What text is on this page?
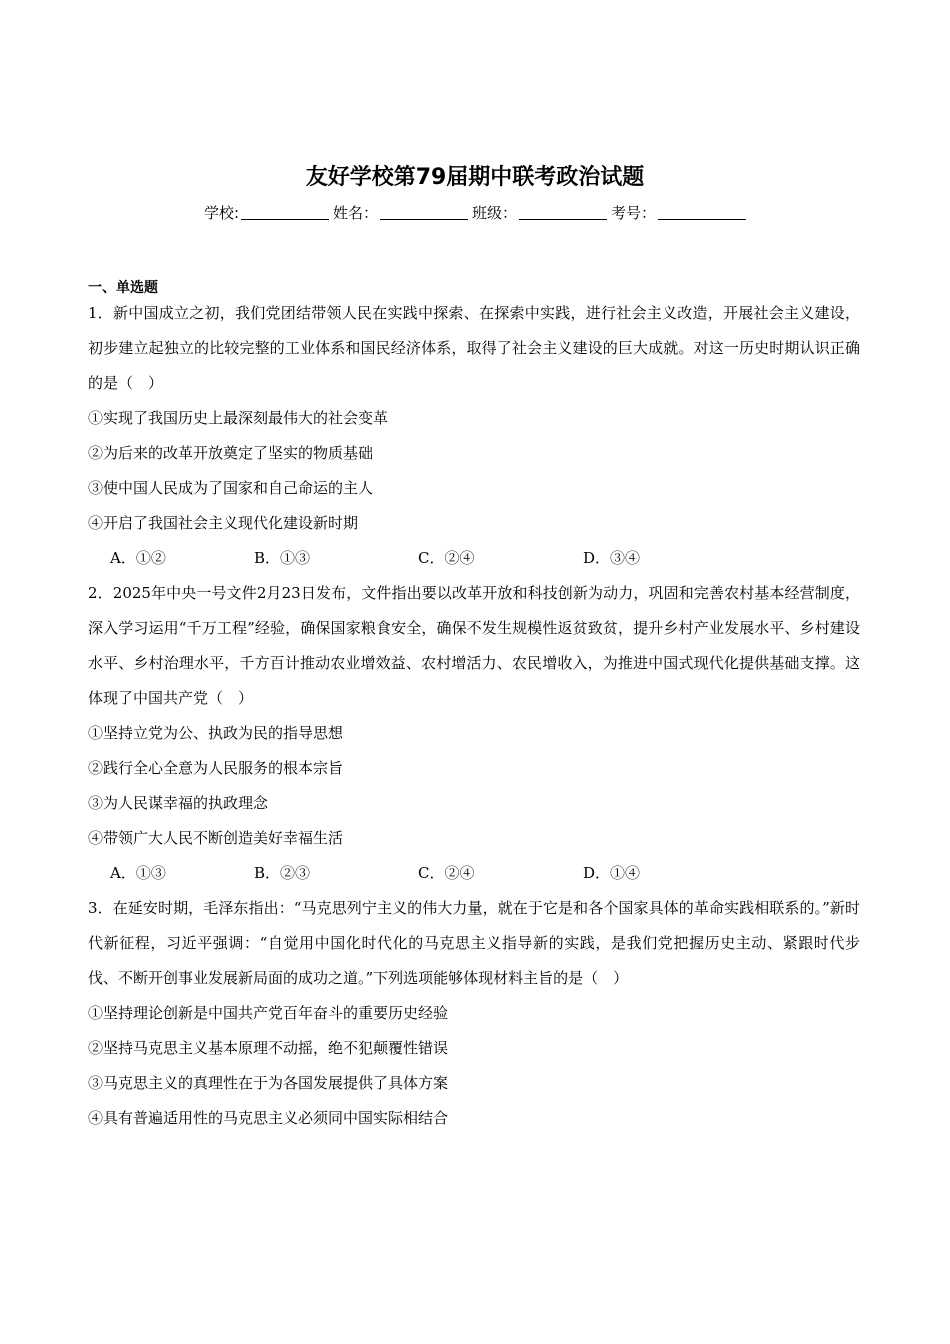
友好学校第79届期中联考政治试题
学校:	姓名：	班级：	考号：
一、单选题

1．新中国成立之初，我们党团结带领人民在实践中探索、在探索中实践，进行社会主义改造，开展社会主义建设，初步建立起独立的比较完整的工业体系和国民经济体系，取得了社会主义建设的巨大成就。对这一历史时期认识正确的是（　）

①实现了我国历史上最深刻最伟大的社会变革

②为后来的改革开放奠定了坚实的物质基础

③使中国人民成为了国家和自己命运的主人

④开启了我国社会主义现代化建设新时期

A．①②	B．①③	C．②④	D．③④

2．2025年中央一号文件2月23日发布，文件指出要以改革开放和科技创新为动力，巩固和完善农村基本经营制度，深入学习运用“千万工程”经验，确保国家粮食安全，确保不发生规模性返贫致贫，提升乡村产业发展水平、乡村建设水平、乡村治理水平，千方百计推动农业增效益、农村增活力、农民增收入，为推进中国式现代化提供基础支撑。这体现了中国共产党（　）

①坚持立党为公、执政为民的指导思想

②践行全心全意为人民服务的根本宗旨

③为人民谋幸福的执政理念

④带领广大人民不断创造美好幸福生活

A．①③	B．②③	C．②④	D．①④

3．在延安时期，毛泽东指出：“马克思列宁主义的伟大力量，就在于它是和各个国家具体的革命实践相联系的。”新时代新征程，习近平强调：“自觉用中国化时代化的马克思主义指导新的实践，是我们党把握历史主动、紧跟时代步伐、不断开创事业发展新局面的成功之道。”下列选项能够体现材料主旨的是（　）

①坚持理论创新是中国共产党百年奋斗的重要历史经验

②坚持马克思主义基本原理不动摇，绝不犯颠覆性错误

③马克思主义的真理性在于为各国发展提供了具体方案

④具有普遍适用性的马克思主义必须同中国实际相结合
